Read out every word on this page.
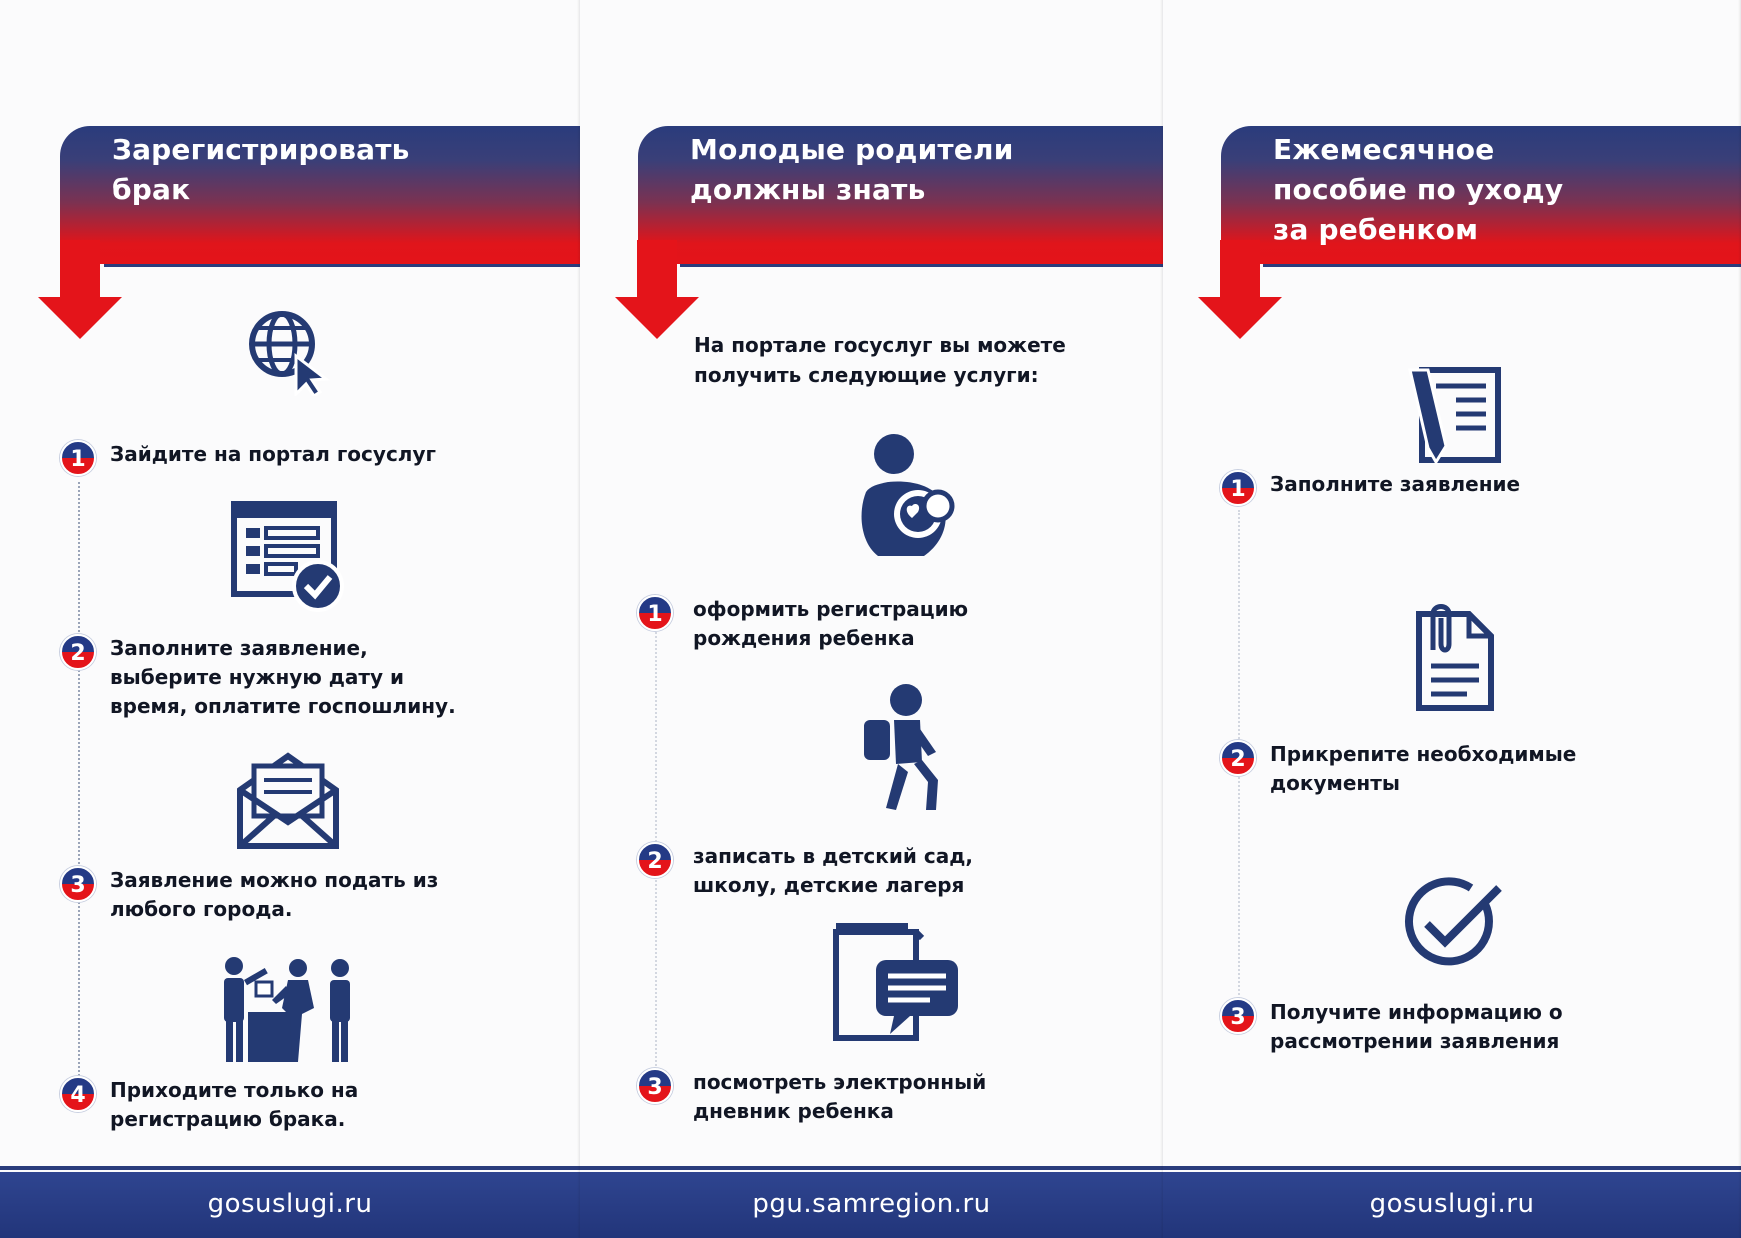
Зарегистрировать
брак
1	Зайдите на портал госуслуг
2	Заполните заявление,
выберите нужную дату и
время, оплатите госпошлину.
3	Заявление можно подать из
любого города.
4	Приходите только на
регистрацию брака.
gosuslugi.ru
Молодые родители
должны знать
На портале госуслуг вы можете
получить следующие услуги:
1	оформить регистрацию
рождения ребенка
2	записать в детский сад,
школу, детские лагеря
3	посмотреть электронный
дневник ребенка
pgu.samregion.ru
Ежемесячное
пособие по уходу
за ребенком
1	Заполните заявление
2	Прикрепите необходимые
документы
3	Получите информацию о
рассмотрении заявления
gosuslugi.ru
